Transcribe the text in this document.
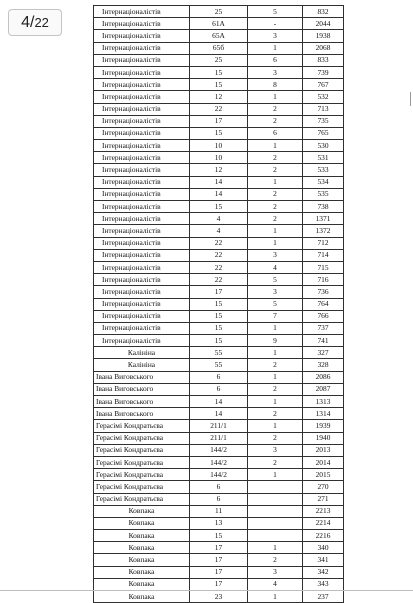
4/22
Інтернаціоналістів	25	5	832
Інтернаціоналістів	61А	-	2044
Інтернаціоналістів	65А	3	1938
Інтернаціоналістів	65б	1	2068
Інтернаціоналістів	25	6	833
Інтернаціоналістів	15	3	739
Інтернаціоналістів	15	8	767
Інтернаціоналістів	12	1	532
Інтернаціоналістів	22	2	713
Інтернаціоналістів	17	2	735
Інтернаціоналістів	15	6	765
Інтернаціоналістів	10	1	530
Інтернаціоналістів	10	2	531
Інтернаціоналістів	12	2	533
Інтернаціоналістів	14	1	534
Інтернаціоналістів	14	2	535
Інтернаціоналістів	15	2	738
Інтернаціоналістів	4	2	1371
Інтернаціоналістів	4	1	1372
Інтернаціоналістів	22	1	712
Інтернаціоналістів	22	3	714
Інтернаціоналістів	22	4	715
Інтернаціоналістів	22	5	716
Інтернаціоналістів	17	3	736
Інтернаціоналістів	15	5	764
Інтернаціоналістів	15	7	766
Інтернаціоналістів	15	1	737
Інтернаціоналістів	15	9	741
Калініна	55	1	327
Калініна	55	2	328
Івана Виговського	6	1	2086
Івана Виговського	6	2	2087
Івана Виговського	14	1	1313
Івана Виговського	14	2	1314
Герасімі Кондратьєва	211/1	1	1939
Герасімі Кондратьєва	211/1	2	1940
Герасімі Кондратьєва	144/2	3	2013
Герасімі Кондратьєва	144/2	2	2014
Герасімі Кондратьєва	144/2	1	2015
Герасімі Кондратьєва	6		270
Герасімі Кондратьєва	6		271
Ковпака	11		2213
Ковпака	13		2214
Ковпака	15		2216
Ковпака	17	1	340
Ковпака	17	2	341
Ковпака	17	3	342
Ковпака	17	4	343
Ковпака	23	1	237
